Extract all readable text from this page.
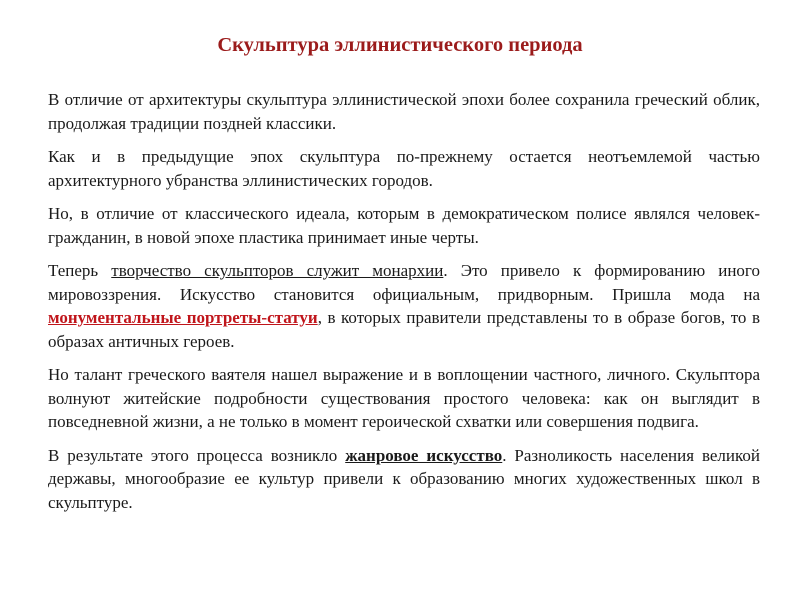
Скульптура эллинистического периода

В отличие от архитектуры скульптура эллинистической эпохи более сохранила греческий облик, продолжая традиции поздней классики.

Как и в предыдущие эпох скульптура по-прежнему остается неотъемлемой частью архитектурного убранства эллинистических городов.

Но, в отличие от классического идеала, которым в демократическом полисе являлся человек-гражданин, в новой эпохе пластика принимает иные черты.

Теперь творчество скульпторов служит монархии. Это привело к формированию иного мировоззрения. Искусство становится официальным, придворным. Пришла мода на монументальные портреты-статуи, в которых правители представлены то в образе богов, то в образах античных героев.

Но талант греческого ваятеля нашел выражение и в воплощении частного, личного. Скульптора волнуют житейские подробности существования простого человека: как он выглядит в повседневной жизни, а не только в момент героической схватки или совершения подвига.

В результате этого процесса возникло жанровое искусство. Разноликость населения великой державы, многообразие ее культур привели к образованию многих художественных школ в скульптуре.
